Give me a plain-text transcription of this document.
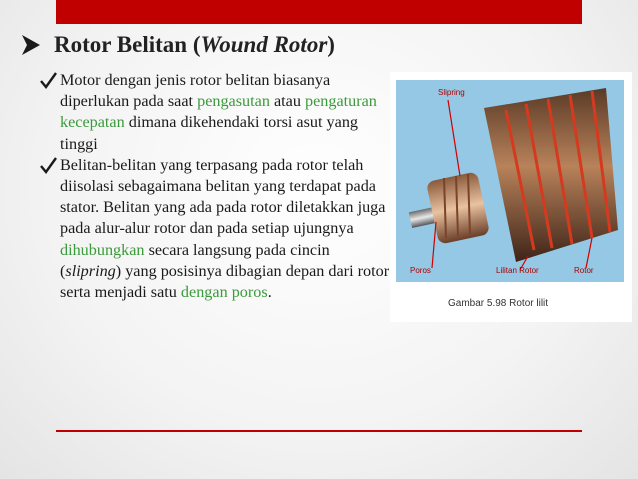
Rotor Belitan ( Wound Rotor )
Motor dengan jenis rotor belitan biasanya diperlukan pada saat pengasutan atau pengaturan kecepatan dimana dikehendaki torsi asut yang tinggi
Belitan-belitan yang terpasang pada rotor telah diisolasi sebagaimana belitan yang terdapat pada stator. Belitan yang ada pada rotor diletakkan juga pada alur-alur rotor dan pada setiap ujungnya dihubungkan secara langsung pada cincin (slipring) yang posisinya dibagian depan dari rotor serta menjadi satu dengan poros.
Slipring
Poros	Lilitan Rotor	Rotor
Gambar 5.98 Rotor lilit
